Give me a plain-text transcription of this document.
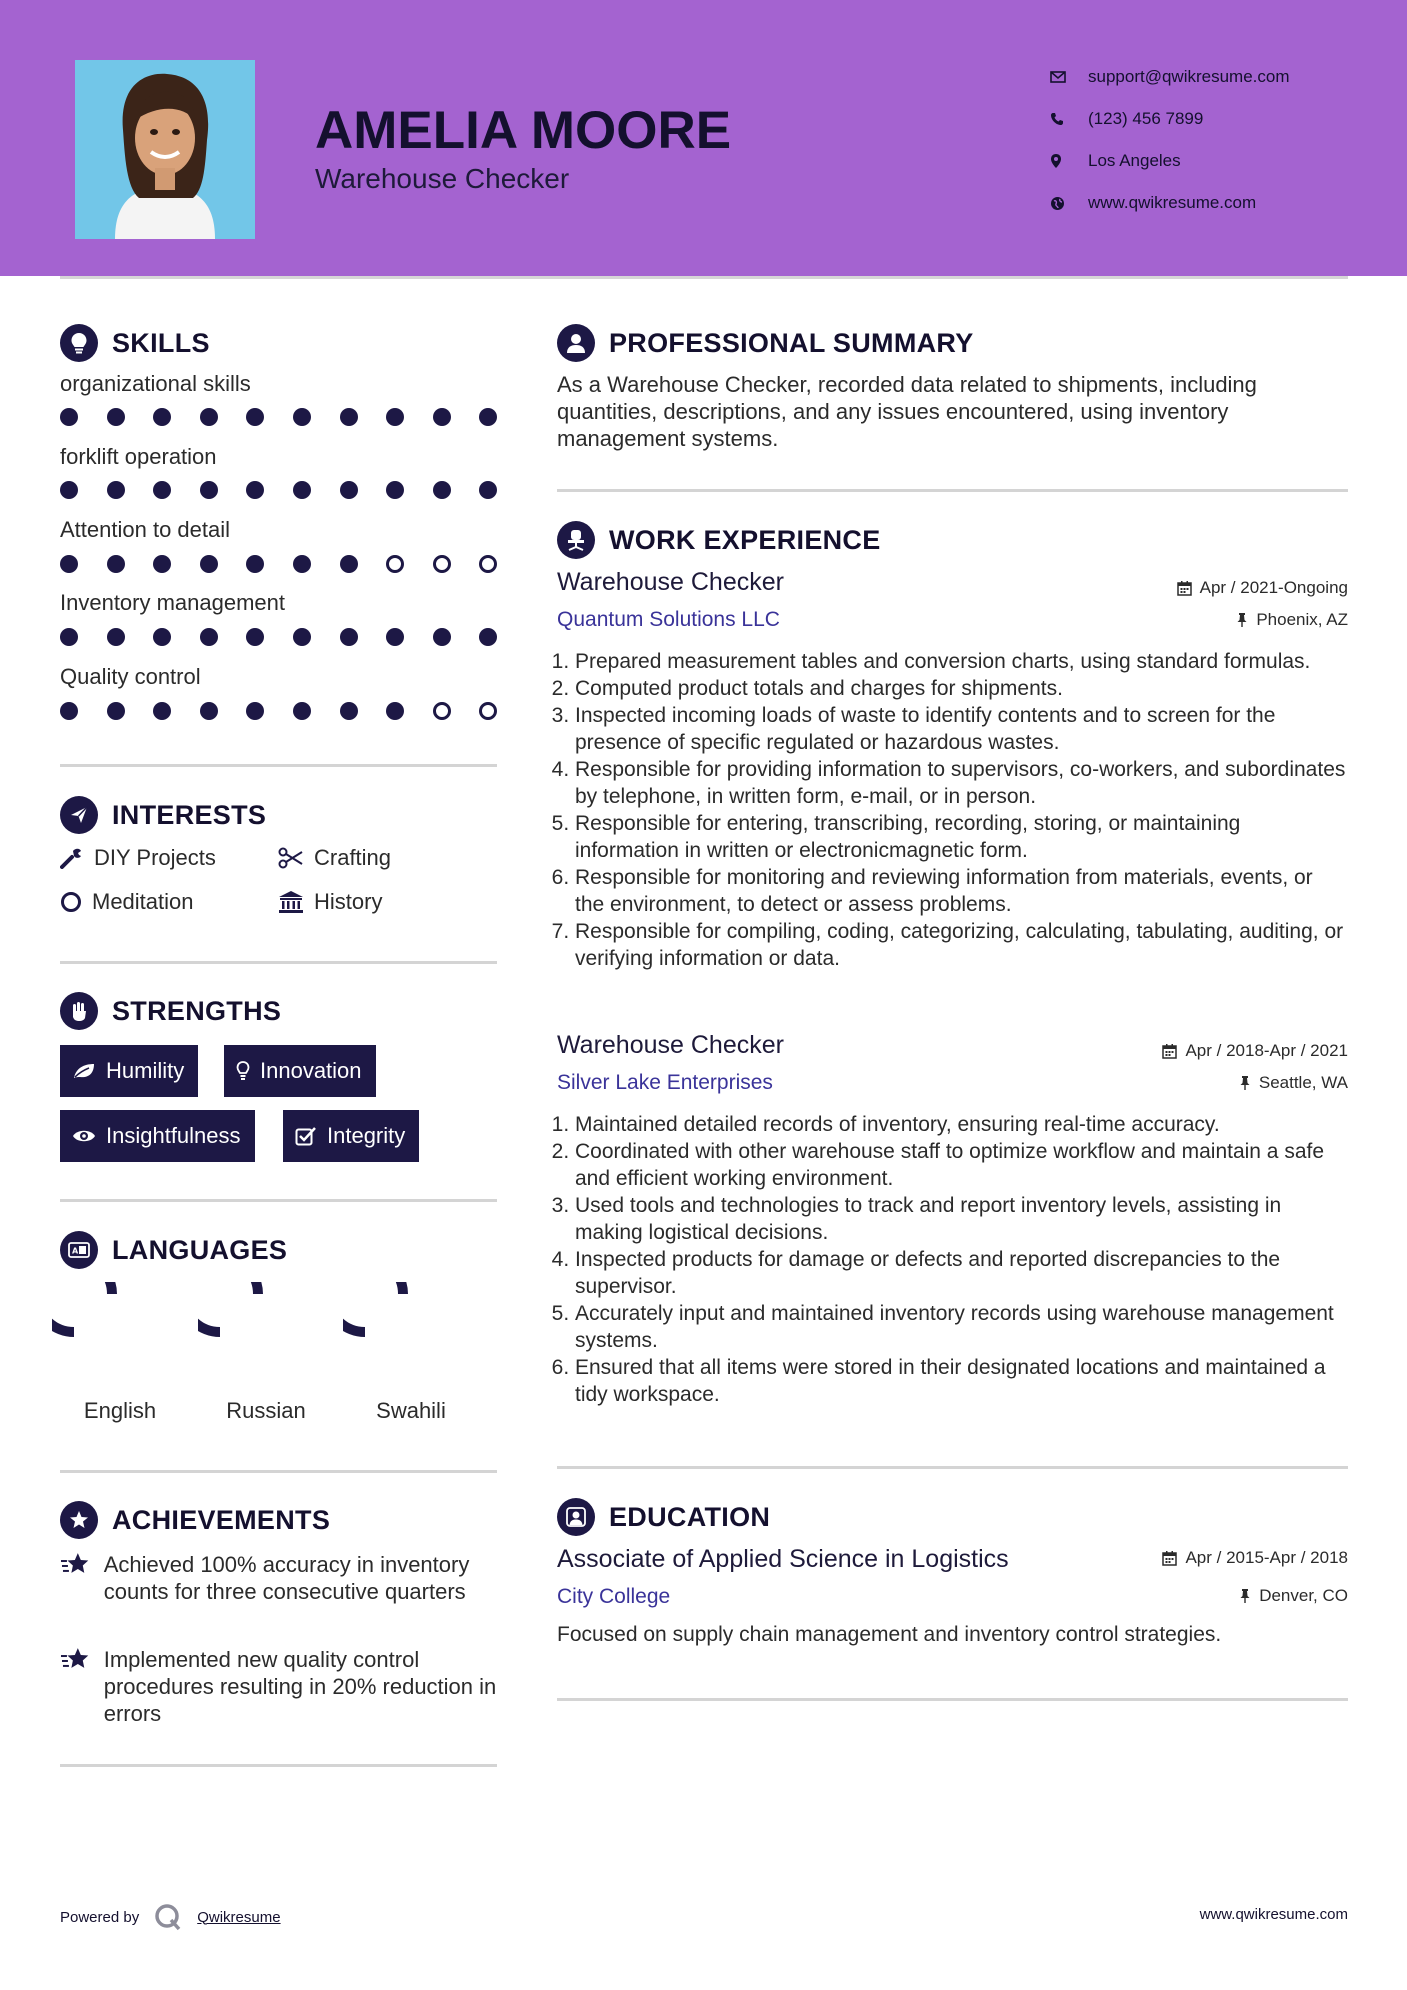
AMELIA MOORE
Warehouse Checker
support@qwikresume.com
(123) 456 7899
Los Angeles
www.qwikresume.com
SKILLS
organizational skills
forklift operation
Attention to detail
Inventory management
Quality control
INTERESTS
DIY Projects	Crafting
Meditation	History
STRENGTHS
Humility	Innovation
Insightfulness	Integrity
A LANGUAGES
English	Russian	Swahili
ACHIEVEMENTS
Achieved 100% accuracy in inventory counts for three consecutive quarters
Implemented new quality control procedures resulting in 20% reduction in errors
PROFESSIONAL SUMMARY
As a Warehouse Checker, recorded data related to shipments, including quantities, descriptions, and any issues encountered, using inventory management systems.
WORK EXPERIENCE
Warehouse Checker	Apr / 2021-Ongoing
Quantum Solutions LLC	Phoenix, AZ
1. Prepared measurement tables and conversion charts, using standard formulas.
2. Computed product totals and charges for shipments.
3. Inspected incoming loads of waste to identify contents and to screen for the presence of specific regulated or hazardous wastes.
4. Responsible for providing information to supervisors, co-workers, and subordinates by telephone, in written form, e-mail, or in person.
5. Responsible for entering, transcribing, recording, storing, or maintaining information in written or electronicmagnetic form.
6. Responsible for monitoring and reviewing information from materials, events, or the environment, to detect or assess problems.
7. Responsible for compiling, coding, categorizing, calculating, tabulating, auditing, or verifying information or data.
Warehouse Checker	Apr / 2018-Apr / 2021
Silver Lake Enterprises	Seattle, WA
1. Maintained detailed records of inventory, ensuring real-time accuracy.
2. Coordinated with other warehouse staff to optimize workflow and maintain a safe and efficient working environment.
3. Used tools and technologies to track and report inventory levels, assisting in making logistical decisions.
4. Inspected products for damage or defects and reported discrepancies to the supervisor.
5. Accurately input and maintained inventory records using warehouse management systems.
6. Ensured that all items were stored in their designated locations and maintained a tidy workspace.
EDUCATION
Associate of Applied Science in Logistics	Apr / 2015-Apr / 2018
City College	Denver, CO
Focused on supply chain management and inventory control strategies.
Powered by	Qwikresume	www.qwikresume.com
